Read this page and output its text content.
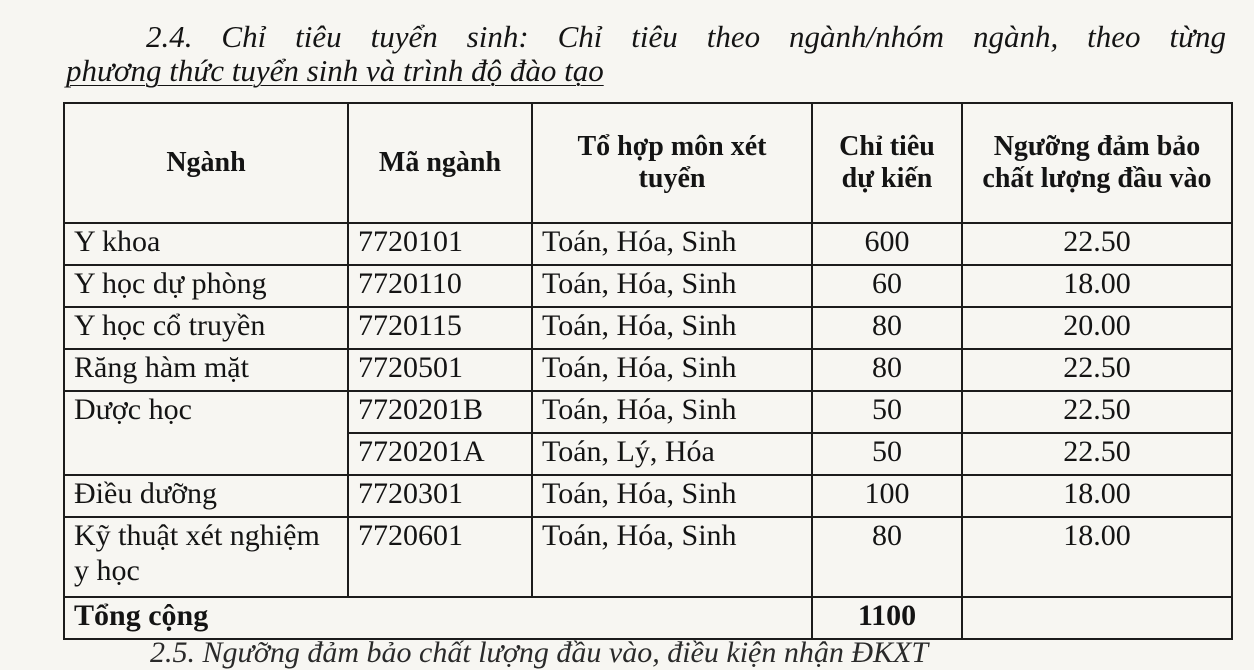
2.4. Chỉ tiêu tuyển sinh: Chỉ tiêu theo ngành/nhóm ngành, theo từng
phương thức tuyển sinh và trình độ đào tạo
Ngành	Mã ngành	Tổ hợp môn xét tuyển	Chỉ tiêu dự kiến	Ngưỡng đảm bảo chất lượng đầu vào
Y khoa	7720101	Toán, Hóa, Sinh	600	22.50
Y học dự phòng	7720110	Toán, Hóa, Sinh	60	18.00
Y học cổ truyền	7720115	Toán, Hóa, Sinh	80	20.00
Răng hàm mặt	7720501	Toán, Hóa, Sinh	80	22.50
Dược học	7720201B	Toán, Hóa, Sinh	50	22.50
	7720201A	Toán, Lý, Hóa	50	22.50
Điều dưỡng	7720301	Toán, Hóa, Sinh	100	18.00
Kỹ thuật xét nghiệm y học	7720601	Toán, Hóa, Sinh	80	18.00
Tổng cộng			1100	
2.5. Ngưỡng đảm bảo chất lượng đầu vào, điều kiện nhận ĐKXT
